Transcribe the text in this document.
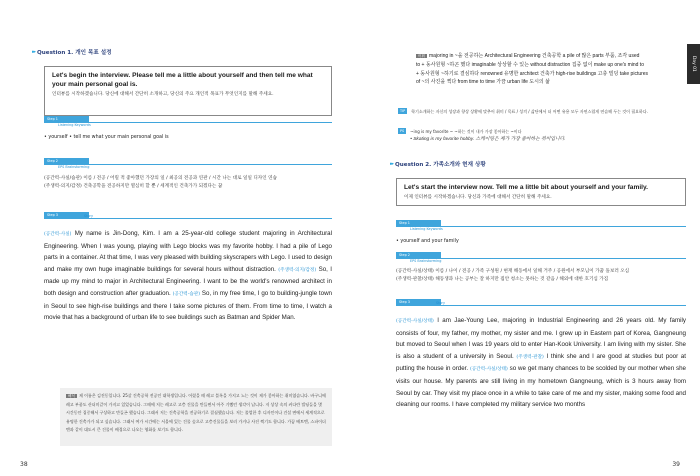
▸▸ Question 1. 개인 목표 설정
Let's begin the interview. Please tell me a little about yourself and then tell me what your main personal goal is.
인터뷰를 시작하겠습니다. 당신에 대해서 간단히 소개하고, 당신의 주요 개인적 목표가 무엇인지를 말해 주세요.
Step 1
Listening Keywords
• yourself • tell me what your main personal goal is
Step 2
EPS Brainstorming
(공간력-사실/습관) 이름 / 전공 / 어릴 적 좋아했던 가장의 일 / 최공의 전공과 연관 / 시간 나는 대로 일일 디자인 연습
(주생력-의지/감정) 건축공학을 전공하지만 열심히 할 뿐 / 세계적인 건축가가 되겠다는 꿈
Step 3	Story
(공간력-사실) My name is Jin-Dong, Kim. I am a 25-year-old college student majoring in Architectural Engineering. When I was young, playing with Lego blocks was my favorite hobby. I had a pile of Lego parts in a container. At that time, I was very pleased with building skyscrapers with Lego. I used to design and make my own huge imaginable buildings for several hours without distraction. (주생력-의지/감정) So, I made up my mind to major in Architectural Engineering. I want to be the world's renowned architect in both design and construction after graduation. (공간력-습관) So, in my free time, I go to building-jungle town in Seoul to see high-rise buildings and there I take some pictures of them. From time to time, I watch a movie that has a background of urban life to see buildings such as Batman and Spider Man.
해석 제 이름은 김진동입니다. 25살 건축공학 전공인 대학생입니다. 어렸을 때 레고 블록을 가지고 노는 것이 제가 좋아하는 취미였습니다. 바구니에 레고 부품도 산더미같이 가지고 있었습니다. 그때에 저는 레고로 고층 건물을 만들면서 아주 기뻤던 생각이 납니다. 저 상상 속의 커다란 빌딩들을 몇 시간동안 집중해서 구상하고 만들곤 했습니다. 그래서 저는 건축공학을 전공하기로 결심했습니다. 저는 졸업한 후 디자인이나 건설 면에서 세계적으로 유명한 건축가가 되고 싶습니다. 그래서 여가 시간에는 서울에 있는 건물 숲으로 고층건물들을 보러 가거나 사진 찍기도 합니다. 가끔 배트맨, 스파이더맨과 같이 대도시 큰 건물이 배경으로 나오는 영화를 보기도 합니다.
38
어휘 majoring in ~을 전공하는 Architectural Engineering 건축공학 a pile of 많은 parts 부품, 조각 used
to + 동사원형 ~하곤 했다 imaginable 상상할 수 있는 without distraction 집중 없이 make up one's mind to
+ 동사원형 ~하기로 결심하다 renowned 유명한 architect 건축가 high-rise buildings 고층 빌딩 take pictures
of ~의 사진을 찍다 from time to time 가끔 urban life 도시의 삶
TIP	학기소개하는 자신의 성장과 향상 상황에 맞추어 취미 / 목표 / 성격 / 삶단에서 더 어떤 유용 모두 자연스럽게 연습해 두는 것이 필요하다.
PS	~ing is my favorite ~ ~하는 것이 내가 가장 좋아하는 ~이다
• Skating is my favorite hobby. 스케이팅은 제가 가장 좋아하는 취미입니다.
▸▸ Question 2. 가족소개와 현재 상황
Let's start the interview now. Tell me a little bit about yourself and your family.
이제 인터뷰를 시작하겠습니다. 당신과 가족에 대해서 간단히 말해 주세요.
Step 1
Listening Keywords
• yourself and your family
Step 2
EPS Brainstorming
(공간력-사실/상태) 이름 / 나이 / 전공 / 가족 구성원 / 현재 해동에서 일해 거주 / 공원에서 부모님이 가꿈 돌보러 오심
(주생력-관찰/상태) 해동생과 나는 공부는 잘 하지만 집안 청소는 못하는 것 같음 / 해외에 대한 호기심 가짐
Step 3	Story
(공간력-사실/상태) I am Jae-Young Lee, majoring in Industrial Engineering and 26 years old. My family consists of four, my father, my mother, my sister and me. I grew up in Eastern part of Korea, Gangneung but moved to Seoul when I was 19 years old to enter Han-Kook University. I am living with my sister. She is also a student of a university in Seoul. (주생력-관찰) I think she and I are good at studies but poor at putting the house in order. (공간력-사실/상태) so we get many chances to be scolded by our mother when she visits our house. My parents are still living in my hometown Gangneung, which is 3 hours away from Seoul by car. They visit my place once in a while to take care of me and my sister, making some food and cleaning our rooms. I have completed my military service two months
Day 01
39
